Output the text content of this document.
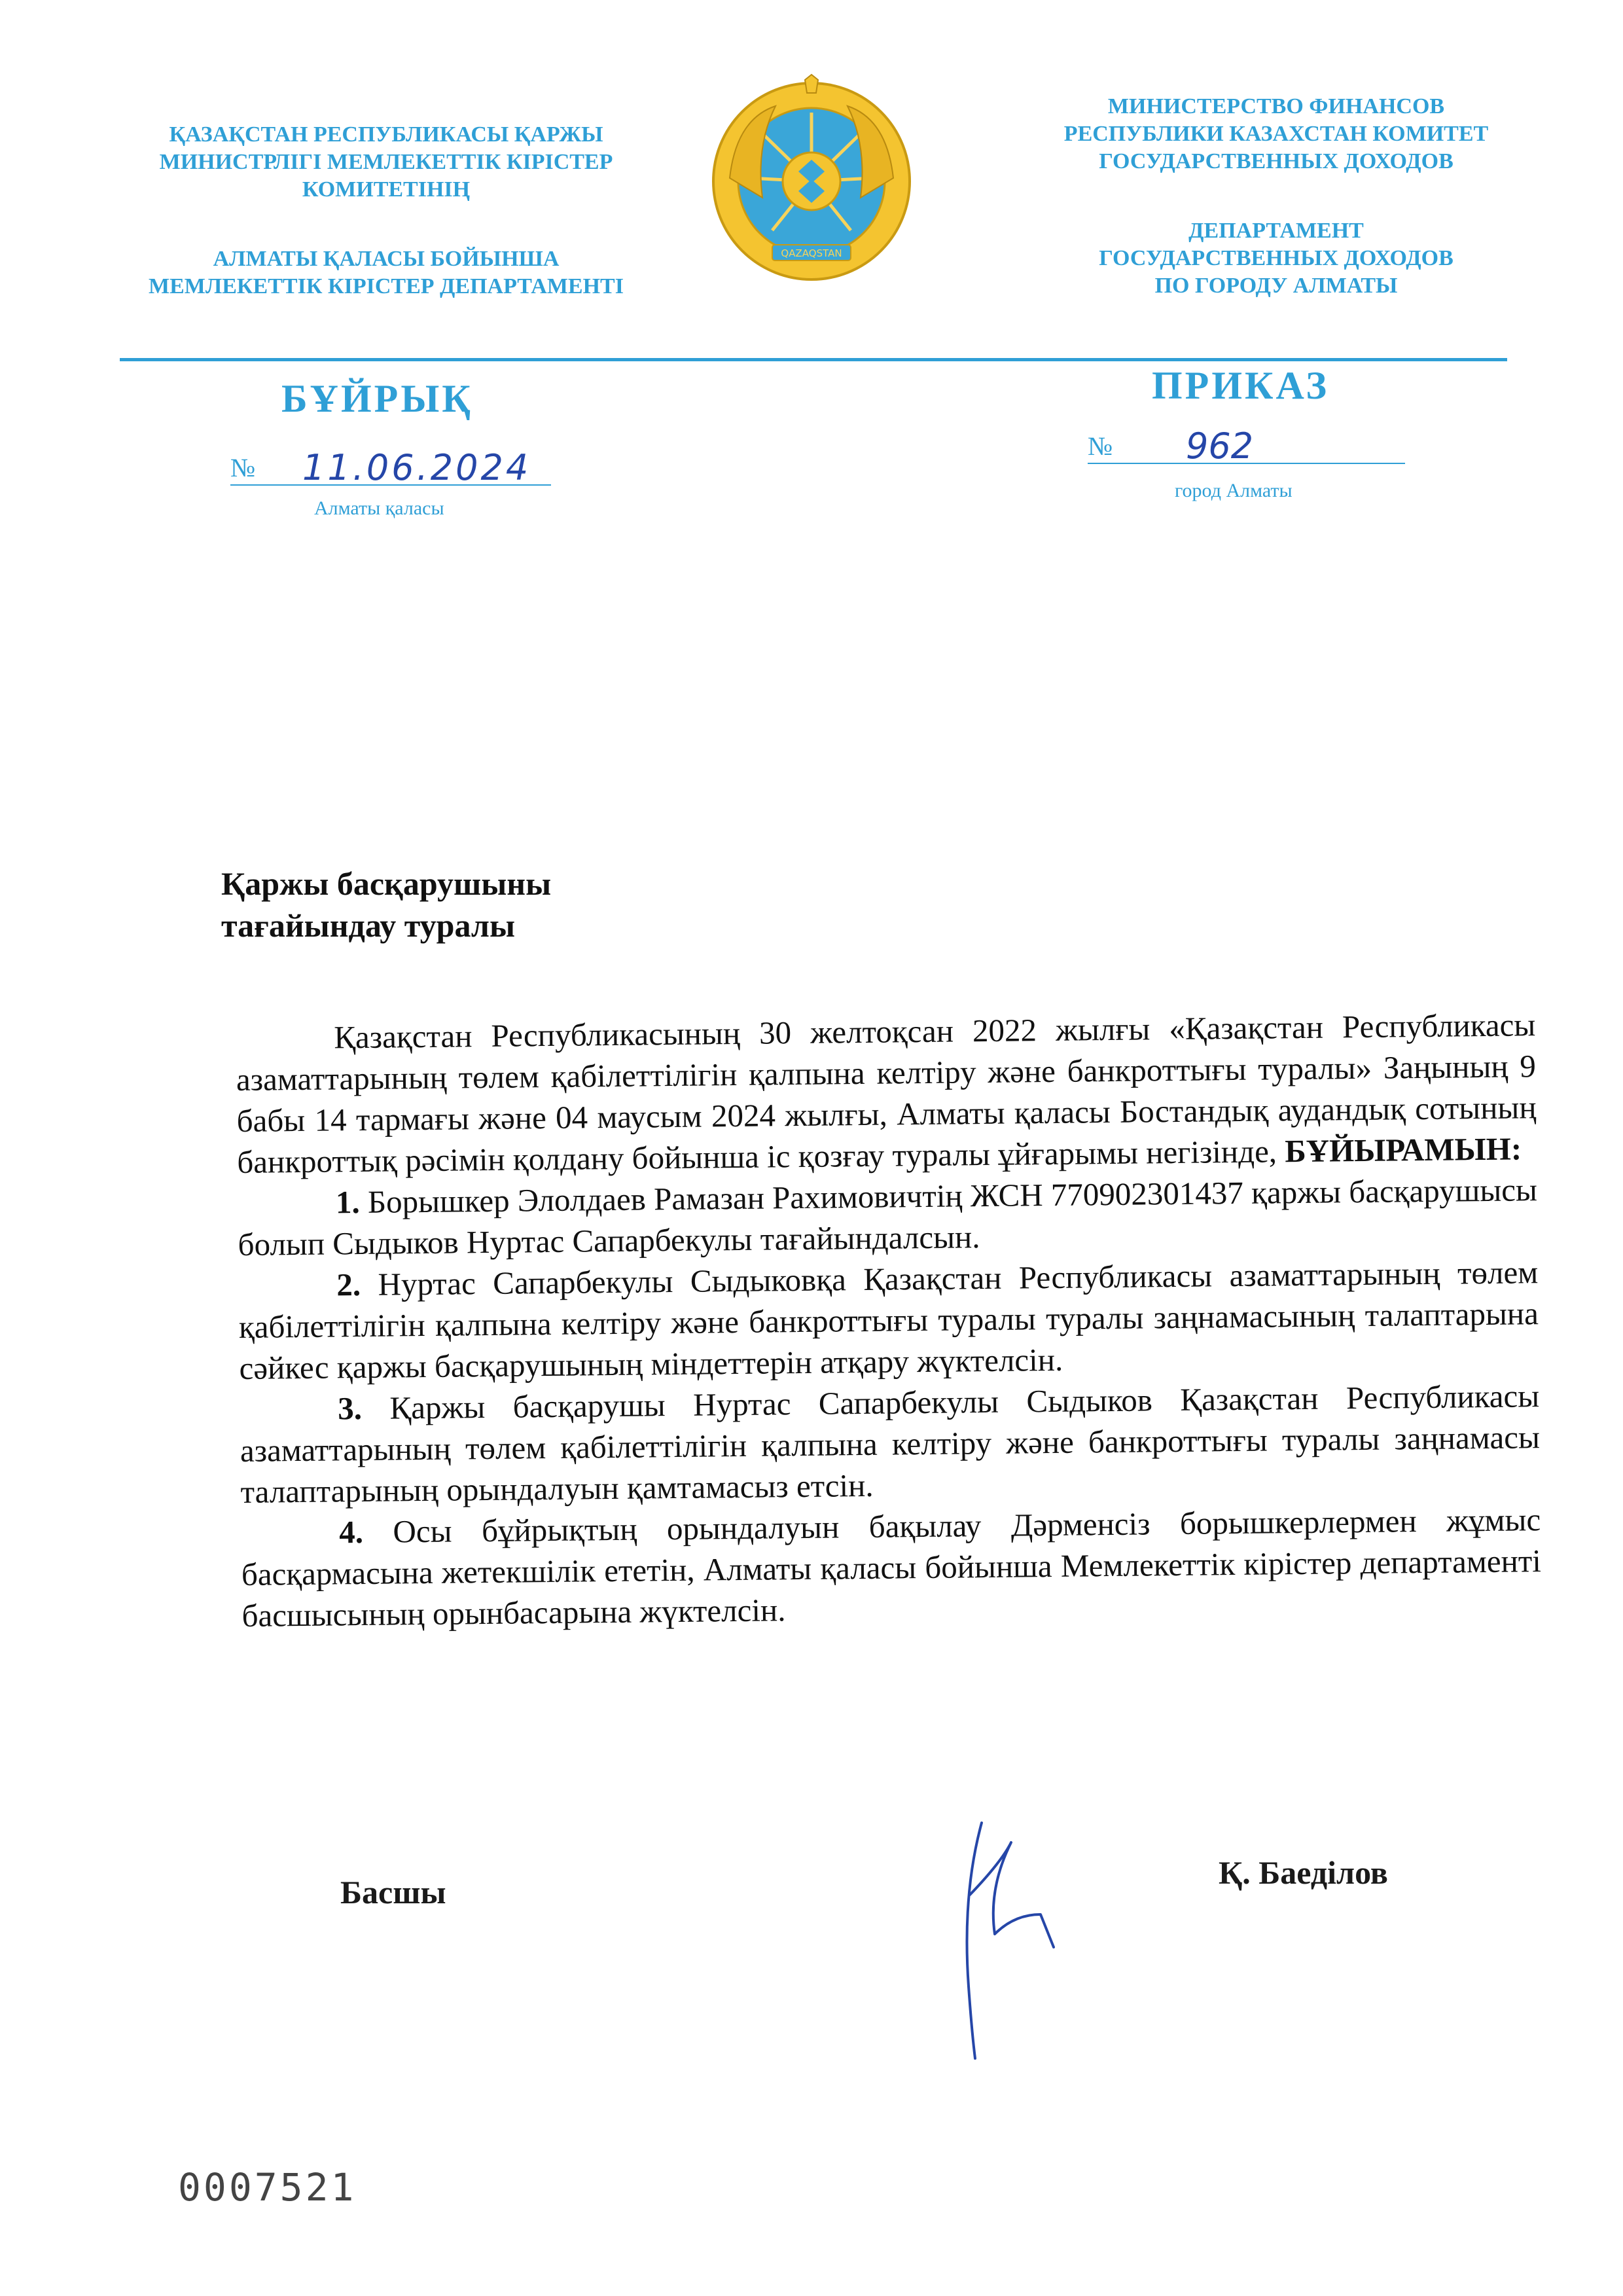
ҚАЗАҚСТАН РЕСПУБЛИКАСЫ ҚАРЖЫ
МИНИСТРЛІГІ МЕМЛЕКЕТТІК КІРІСТЕР
КОМИТЕТІНІҢ
АЛМАТЫ ҚАЛАСЫ БОЙЫНША
МЕМЛЕКЕТТІК КІРІСТЕР ДЕПАРТАМЕНТІ
QAZAQSTAN
МИНИСТЕРСТВО ФИНАНСОВ
РЕСПУБЛИКИ КАЗАХСТАН КОМИТЕТ
ГОСУДАРСТВЕННЫХ ДОХОДОВ
ДЕПАРТАМЕНТ
ГОСУДАРСТВЕННЫХ ДОХОДОВ
ПО ГОРОДУ АЛМАТЫ
БҰЙРЫҚ	ПРИКАЗ
№ 11.06.2024
№ 962
Алматы қаласы
город Алматы
Қаржы басқарушыны
тағайындау туралы

Қазақстан Республикасының 30 желтоқсан 2022 жылғы «Қазақстан Республикасы азаматтарының төлем қабілеттілігін қалпына келтіру және банкроттығы туралы» Заңының 9 бабы 14 тармағы және 04 маусым 2024 жылғы, Алматы қаласы Бостандық аудандық сотының банкроттық рәсімін қолдану бойынша іс қозғау туралы ұйғарымы негізінде, БҰЙЫРАМЫН:

1. Борышкер Элолдаев Рамазан Рахимовичтің ЖСН 770902301437 қаржы басқарушысы болып Сыдыков Нуртас Сапарбекулы тағайындалсын.

2. Нуртас Сапарбекулы Сыдыковқа Қазақстан Республикасы азаматтарының төлем қабілеттілігін қалпына келтіру және банкроттығы туралы туралы заңнамасының талаптарына сәйкес қаржы басқарушының міндеттерін атқару жүктелсін.

3. Қаржы басқарушы Нуртас Сапарбекулы Сыдыков Қазақстан Республикасы азаматтарының төлем қабілеттілігін қалпына келтіру және банкроттығы туралы заңнамасы талаптарының орындалуын қамтамасыз етсін.

4. Осы бұйрықтың орындалуын бақылау Дәрменсіз борышкерлермен жұмыс басқармасына жетекшілік ететін, Алматы қаласы бойынша Мемлекеттік кірістер департаменті басшысының орынбасарына жүктелсін.

Басшы
Қ. Баеділов
0007521
